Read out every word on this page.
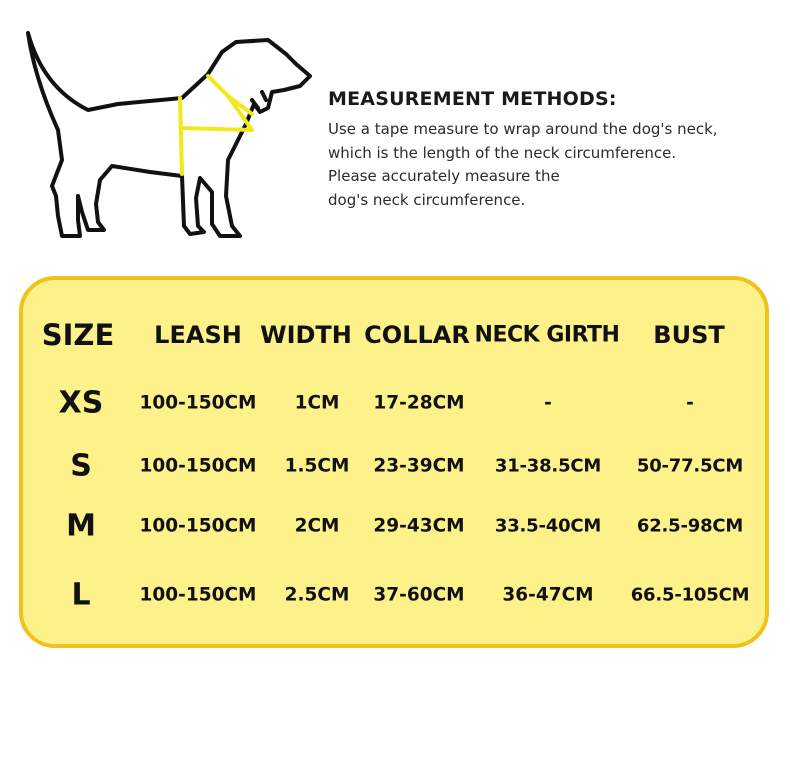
MEASUREMENT METHODS:
Use a tape measure to wrap around the dog's neck,
which is the length of the neck circumference.
Please accurately measure the
dog's neck circumference.
SIZE LEASH WIDTH COLLAR NECK GIRTH BUST
XS 100-150CM 1CM 17-28CM	-	-
S	100-150CM 1.5CM 23-39CM 31-38.5CM 50-77.5CM
M 100-150CM 2CM 29-43CM 33.5-40CM 62.5-98CM
L	100-150CM 2.5CM 37-60CM 36-47CM 66.5-105CM
